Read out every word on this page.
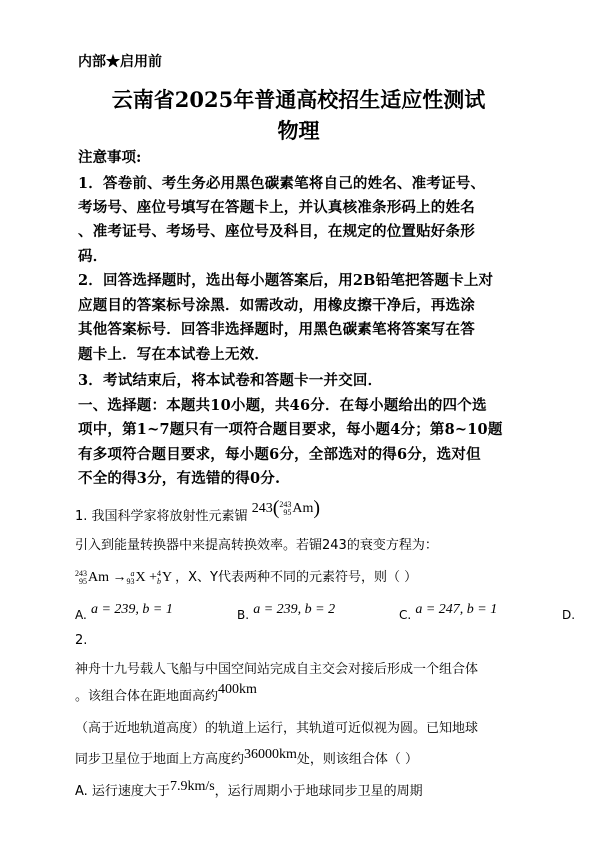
内部★启用前
云南省2025年普通高校招生适应性测试
物理
注意事项:
1．答卷前、考生务必用黑色碳素笔将自己的姓名、准考证号、
考场号、座位号填写在答题卡上，并认真核准条形码上的姓名
、准考证号、考场号、座位号及科目，在规定的位置贴好条形
码．
2．回答选择题时，选出每小题答案后，用2B铅笔把答题卡上对
应题目的答案标号涂黑．如需改动，用橡皮擦干净后，再选涂
其他答案标号．回答非选择题时，用黑色碳素笔将答案写在答
题卡上．写在本试卷上无效．
3．考试结束后，将本试卷和答题卡一并交回．
一、选择题：本题共10小题，共46分．在每小题给出的四个选
项中，第1~7题只有一项符合题目要求，每小题4分；第8~10题
有多项符合题目要求，每小题6分，全部选对的得6分，选对但
不全的得3分，有选错的得0分.
1. 我国科学家将放射性元素镅 243( 243
95 Am)
引入到能量转换器中来提高转换效率。若镅243的衰变方程为：
243
95 Am → a
93 X + 4
b Y ，X、Y代表两种不同的元素符号，则（ ）
A. a = 239, b = 1	B. a = 239, b = 2	C. a = 247, b = 1	D.
2.
神舟十九号载人飞船与中国空间站完成自主交会对接后形成一个组合体
。该组合体在距地面高约400km
（高于近地轨道高度）的轨道上运行，其轨道可近似视为圆。已知地球
同步卫星位于地面上方高度约36000km处，则该组合体（ ）
A. 运行速度大于7.9km/s，运行周期小于地球同步卫星的周期
